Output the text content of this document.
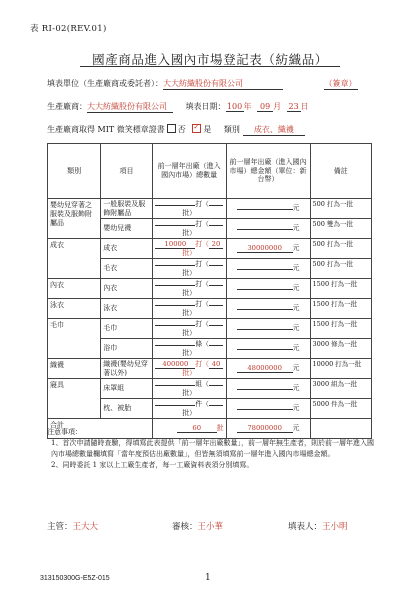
表 RI-02(REV.01)
國產商品進入國內市場登記表（紡織品）
填表單位（生產廠商或委託者）：大大紡織股份有限公司	（簽章）
生產廠商：大大紡織股份有限公司 填表日期：100年 09 月 23 日
生產廠商取得 MIT 微笑標章證書 否 ✓ 是 類別 成衣、織襪
類別	項目	前一層年出廠（進入國內市場）總數量	前一層年出廠（進入國內市場）總金額（單位：新台幣）	備註
嬰幼兒穿著之服裝及服飾附屬品	一般服裝及服飾附屬品	打（批）	元	500 打為一批
	嬰幼兒襪	打（批）	元	500 雙為一批
成衣	成衣	10000 打（ 20批）	30000000 元	500 打為一批
	毛衣	打（批）	元	500 打為一批
內衣	內衣	打（批）	元	1500 打為一批
泳衣	泳衣	打（批）	元	1500 打為一批
毛巾	毛巾	打（批）	元	1500 打為一批
	浴巾	條（批）	元	3000 條為一批
織襪	織襪(嬰幼兒穿著以外)	400000 打（ 40批）	48000000 元	10000 打為一批
寢具	床罩組	組（批）	元	3000 組為一批
	枕、被胎	件（批）	元	5000 件為一批
合計		60 批	78000000 元	
注意事項：
1、首次申請隨時查驗，得填寫此表提供「前一層年出廠數量」，前一層年無生產者，則於前一層年進入國內市場總數量欄填寫「當年度預估出廠數量」，但皆無須填寫前一層年進入國內市場總金額。
2、同時委託 1 家以上工廠生產者，每一工廠資料表須分別填寫。
主管：王大大	審核：王小華	填表人：王小明
313150300G-E5Z-015	1
